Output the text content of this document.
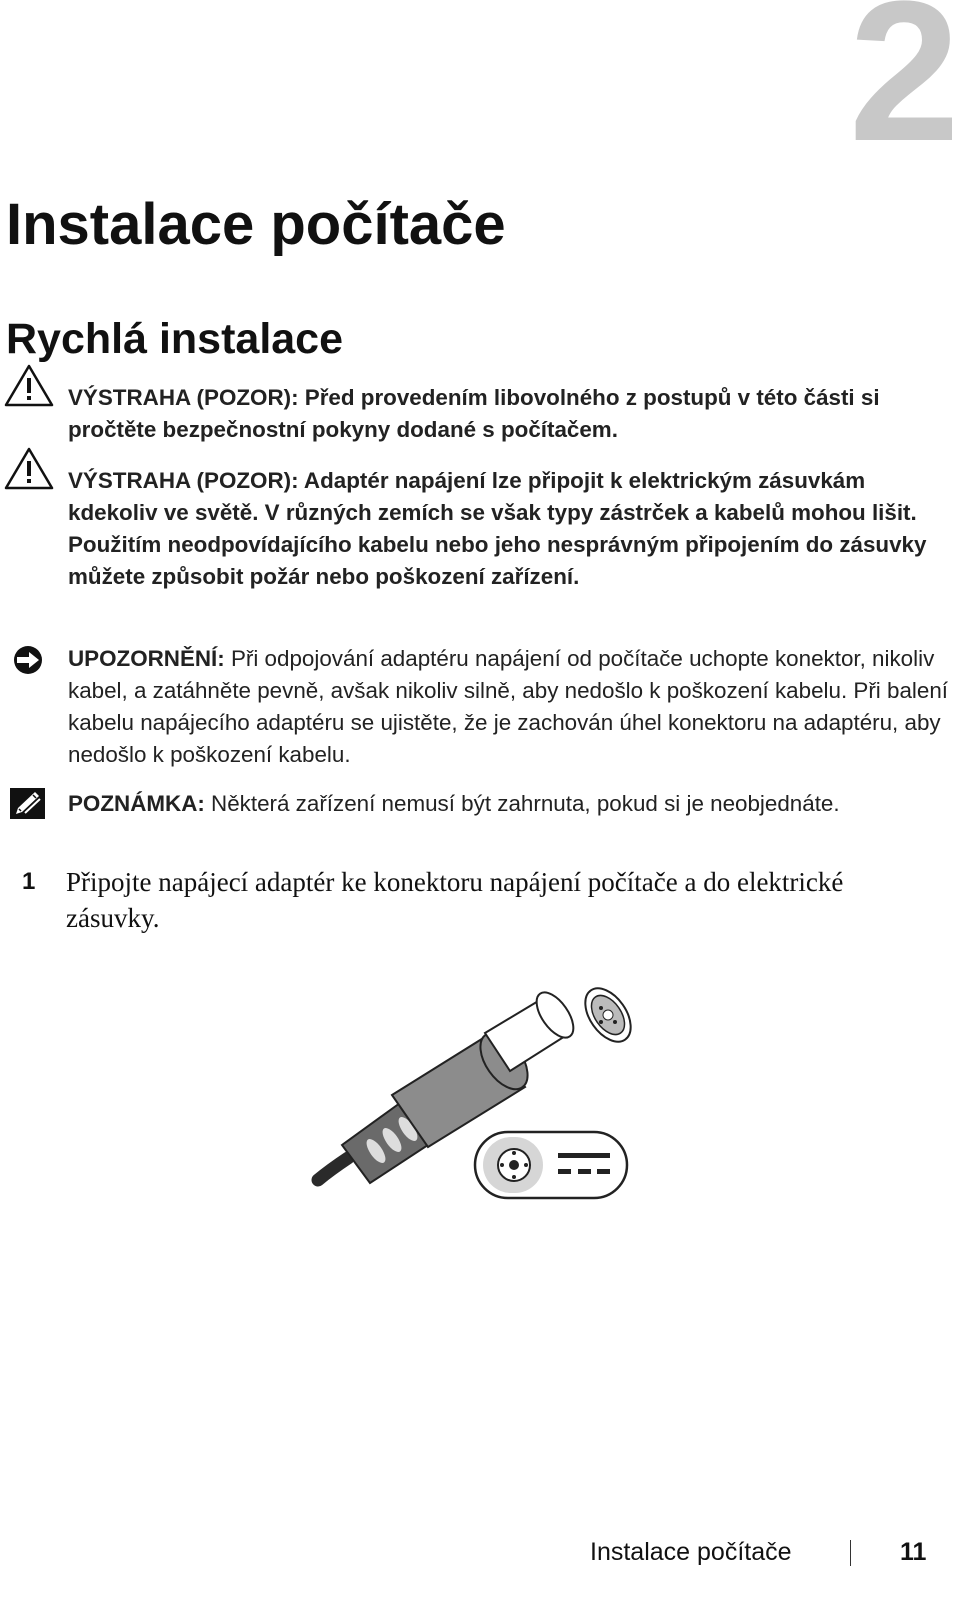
2
Instalace počítače
Rychlá instalace
VÝSTRAHA (POZOR): Před provedením libovolného z postupů v této části si pročtěte bezpečnostní pokyny dodané s počítačem.
VÝSTRAHA (POZOR): Adaptér napájení lze připojit k elektrickým zásuvkám kdekoliv ve světě. V různých zemích se však typy zástrček a kabelů mohou lišit. Použitím neodpovídajícího kabelu nebo jeho nesprávným připojením do zásuvky můžete způsobit požár nebo poškození zařízení.
UPOZORNĚNÍ: Při odpojování adaptéru napájení od počítače uchopte konektor, nikoliv kabel, a zatáhněte pevně, avšak nikoliv silně, aby nedošlo k poškození kabelu. Při balení kabelu napájecího adaptéru se ujistěte, že je zachován úhel konektoru na adaptéru, aby nedošlo k poškození kabelu.
POZNÁMKA: Některá zařízení nemusí být zahrnuta, pokud si je neobjednáte.
1 Připojte napájecí adaptér ke konektoru napájení počítače a do elektrické zásuvky.
Instalace počítače	11
